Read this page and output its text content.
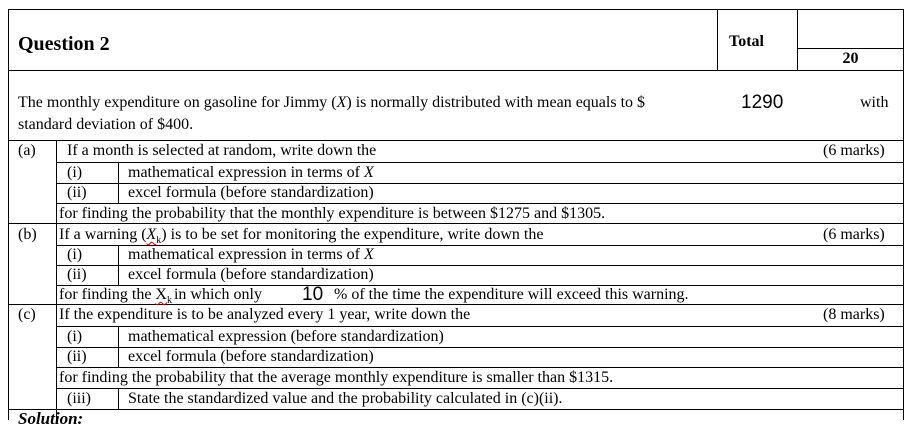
Question 2	Total
20
The monthly expenditure on gasoline for Jimmy (X) is normally distributed with mean equals to $	1290	with
standard deviation of $400.
(a) If a month is selected at random, write down the	(6 marks)
(i)	mathematical expression in terms of X
(ii)	excel formula (before standardization)
for finding the probability that the monthly expenditure is between $1275 and $1305.
(b) If a warning $(X_k)$ is to be set for monitoring the expenditure, write down the	(6 marks)
(i)	mathematical expression in terms of X
(ii)	excel formula (before standardization)
for finding the $X_k$ in which only 10 % of the time the expenditure will exceed this warning.
(c) If the expenditure is to be analyzed every 1 year, write down the	(8 marks)
(i)	mathematical expression (before standardization)
(ii)	excel formula (before standardization)
for finding the probability that the average monthly expenditure is smaller than $1315.
(iii) State the standardized value and the probability calculated in (c)(ii).
Solution:
